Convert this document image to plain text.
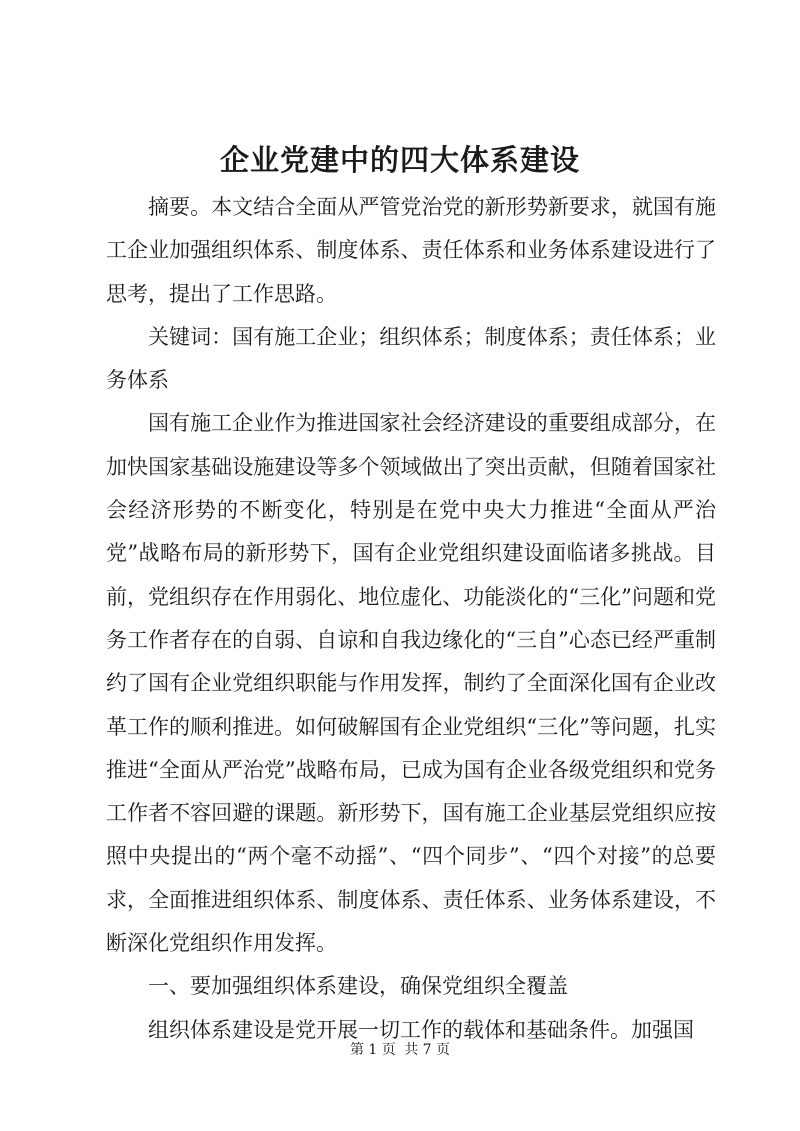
企业党建中的四大体系建设

摘要。本文结合全面从严管党治党的新形势新要求，就国有施工企业加强组织体系、制度体系、责任体系和业务体系建设进行了思考，提出了工作思路。

关键词：国有施工企业；组织体系；制度体系；责任体系；业务体系

国有施工企业作为推进国家社会经济建设的重要组成部分，在加快国家基础设施建设等多个领域做出了突出贡献，但随着国家社会经济形势的不断变化，特别是在党中央大力推进“全面从严治党”战略布局的新形势下，国有企业党组织建设面临诸多挑战。目前，党组织存在作用弱化、地位虚化、功能淡化的“三化”问题和党务工作者存在的自弱、自谅和自我边缘化的“三自”心态已经严重制约了国有企业党组织职能与作用发挥，制约了全面深化国有企业改革工作的顺利推进。如何破解国有企业党组织“三化”等问题，扎实推进“全面从严治党”战略布局，已成为国有企业各级党组织和党务工作者不容回避的课题。新形势下，国有施工企业基层党组织应按照中央提出的“两个毫不动摇”、“四个同步”、“四个对接”的总要求，全面推进组织体系、制度体系、责任体系、业务体系建设，不断深化党组织作用发挥。

一、要加强组织体系建设，确保党组织全覆盖

组织体系建设是党开展一切工作的载体和基础条件。加强国

第 1 页 共 7 页
